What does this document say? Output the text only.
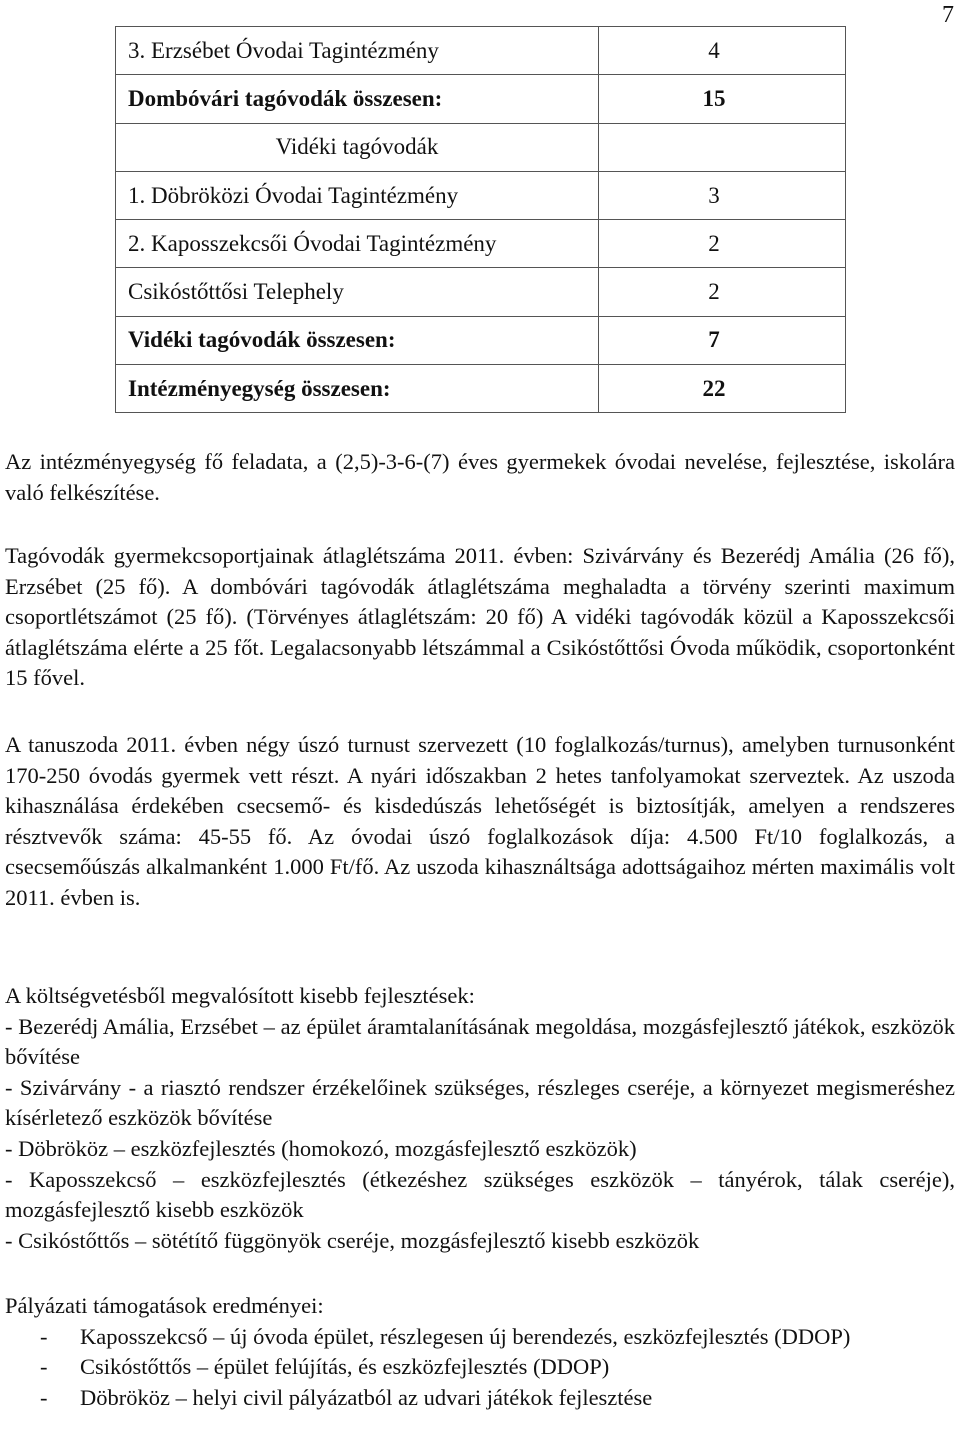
7
3. Erzsébet Óvodai Tagintézmény	4
Dombóvári tagóvodák összesen:	15
Vidéki tagóvodák	
1. Döbröközi Óvodai Tagintézmény	3
2. Kaposszekcsői Óvodai Tagintézmény	2
Csikóstőttősi Telephely	2
Vidéki tagóvodák összesen:	7
Intézményegység összesen:	22

Az intézményegység fő feladata, a (2,5)-3-6-(7) éves gyermekek óvodai nevelése, fejlesztése, iskolára való felkészítése.

Tagóvodák gyermekcsoportjainak átlaglétszáma 2011. évben: Szivárvány és Bezerédj Amália (26 fő), Erzsébet (25 fő). A dombóvári tagóvodák átlaglétszáma meghaladta a törvény szerinti maximum csoportlétszámot (25 fő). (Törvényes átlaglétszám: 20 fő) A vidéki tagóvodák közül a Kaposszekcsői átlaglétszáma elérte a 25 főt. Legalacsonyabb létszámmal a Csikóstőttősi Óvoda működik, csoportonként 15 fővel.

A tanuszoda 2011. évben négy úszó turnust szervezett (10 foglalkozás/turnus), amelyben turnusonként 170-250 óvodás gyermek vett részt. A nyári időszakban 2 hetes tanfolyamokat szerveztek. Az uszoda kihasználása érdekében csecsemő- és kisdedúszás lehetőségét is biztosítják, amelyen a rendszeres résztvevők száma: 45-55 fő. Az óvodai úszó foglalkozások díja: 4.500 Ft/10 foglalkozás, a csecsemőúszás alkalmanként 1.000 Ft/fő. Az uszoda kihasználtsága adottságaihoz mérten maximális volt 2011. évben is.

A költségvetésből megvalósított kisebb fejlesztések:

- Bezerédj Amália, Erzsébet – az épület áramtalanításának megoldása, mozgásfejlesztő játékok, eszközök bővítése

- Szivárvány - a riasztó rendszer érzékelőinek szükséges, részleges cseréje, a környezet megismeréshez kísérletező eszközök bővítése

- Döbrököz – eszközfejlesztés (homokozó, mozgásfejlesztő eszközök)

- Kaposszekcső – eszközfejlesztés (étkezéshez szükséges eszközök – tányérok, tálak cseréje), mozgásfejlesztő kisebb eszközök

- Csikóstőttős – sötétítő függönyök cseréje, mozgásfejlesztő kisebb eszközök

Pályázati támogatások eredményei:

- Kaposszekcső – új óvoda épület, részlegesen új berendezés, eszközfejlesztés (DDOP)
- Csikóstőttős – épület felújítás, és eszközfejlesztés (DDOP)
- Döbrököz – helyi civil pályázatból az udvari játékok fejlesztése
